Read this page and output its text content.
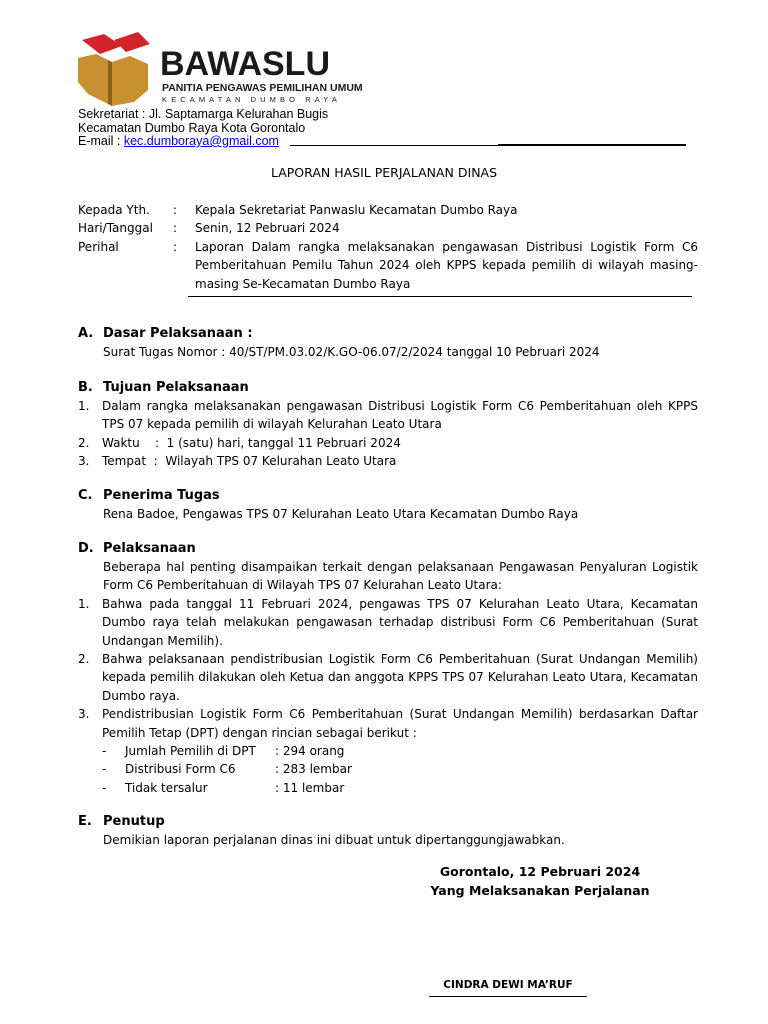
BAWASLU
PANITIA PENGAWAS PEMILIHAN UMUM
KECAMATAN DUMBO RAYA
Sekretariat : Jl. Saptamarga Kelurahan Bugis
Kecamatan Dumbo Raya Kota Gorontalo
E-mail : kec.dumboraya@gmail.com
LAPORAN HASIL PERJALANAN DINAS
Kepada Yth.	:	Kepala Sekretariat Panwaslu Kecamatan Dumbo Raya
Hari/Tanggal	:	Senin, 12 Pebruari 2024
Perihal	:	Laporan Dalam rangka melaksanakan pengawasan Distribusi Logistik Form C6 Pemberitahuan Pemilu Tahun 2024 oleh KPPS kepada pemilih di wilayah masing-masing Se-Kecamatan Dumbo Raya
A. Dasar Pelaksanaan :
Surat Tugas Nomor : 40/ST/PM.03.02/K.GO-06.07/2/2024 tanggal 10 Pebruari 2024
B. Tujuan Pelaksanaan
1.	Dalam rangka melaksanakan pengawasan Distribusi Logistik Form C6 Pemberitahuan oleh KPPS TPS 07 kepada pemilih di wilayah Kelurahan Leato Utara
2.	Waktu    :  1 (satu) hari, tanggal 11 Pebruari 2024
3.	Tempat  :  Wilayah TPS 07 Kelurahan Leato Utara
C. Penerima Tugas
Rena Badoe, Pengawas TPS 07 Kelurahan Leato Utara Kecamatan Dumbo Raya
D. Pelaksanaan
Beberapa hal penting disampaikan terkait dengan pelaksanaan Pengawasan Penyaluran Logistik Form C6 Pemberitahuan di Wilayah TPS 07 Kelurahan Leato Utara:
1.	Bahwa pada tanggal 11 Februari 2024, pengawas TPS 07 Kelurahan Leato Utara, Kecamatan Dumbo raya telah melakukan pengawasan terhadap distribusi Form C6 Pemberitahuan (Surat Undangan Memilih).
2.	Bahwa pelaksanaan pendistribusian Logistik Form C6 Pemberitahuan (Surat Undangan Memilih) kepada pemilih dilakukan oleh Ketua dan anggota KPPS TPS 07 Kelurahan Leato Utara, Kecamatan Dumbo raya.
3.	Pendistribusian Logistik Form C6 Pemberitahuan (Surat Undangan Memilih) berdasarkan Daftar Pemilih Tetap (DPT) dengan rincian sebagai berikut :
-	Jumlah Pemilih di DPT	: 294 orang
-	Distribusi Form C6	: 283 lembar
-	Tidak tersalur	: 11 lembar
E. Penutup
Demikian laporan perjalanan dinas ini dibuat untuk dipertanggungjawabkan.
Gorontalo, 12 Pebruari 2024
Yang Melaksanakan Perjalanan
CINDRA DEWI MA’RUF
